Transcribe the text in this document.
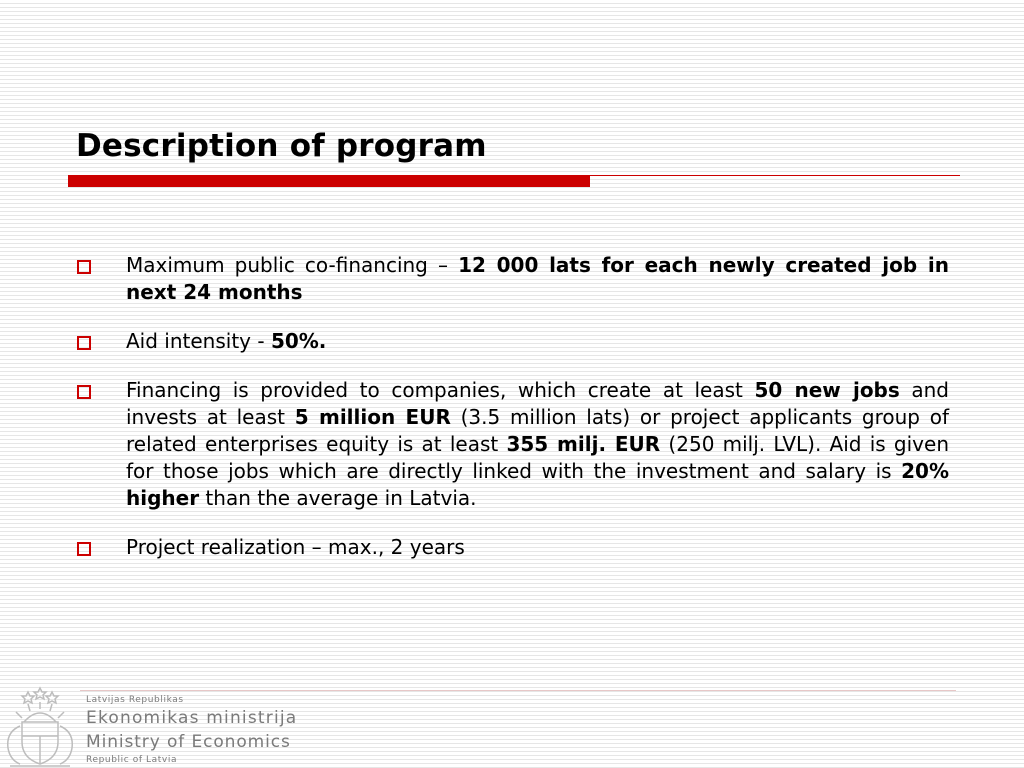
Description of program
Maximum public co-financing – 12 000 lats for each newly created job in next 24 months
Aid intensity - 50%.
Financing is provided to companies, which create at least 50 new jobs and invests at least 5 million EUR (3.5 million lats) or project applicants group of related enterprises equity is at least 355 milj. EUR (250 milj. LVL). Aid is given for those jobs which are directly linked with the investment and salary is 20% higher than the average in Latvia.
Project realization – max., 2 years
Latvijas Republikas
Ekonomikas ministrija
Ministry of Economics
Republic of Latvia
